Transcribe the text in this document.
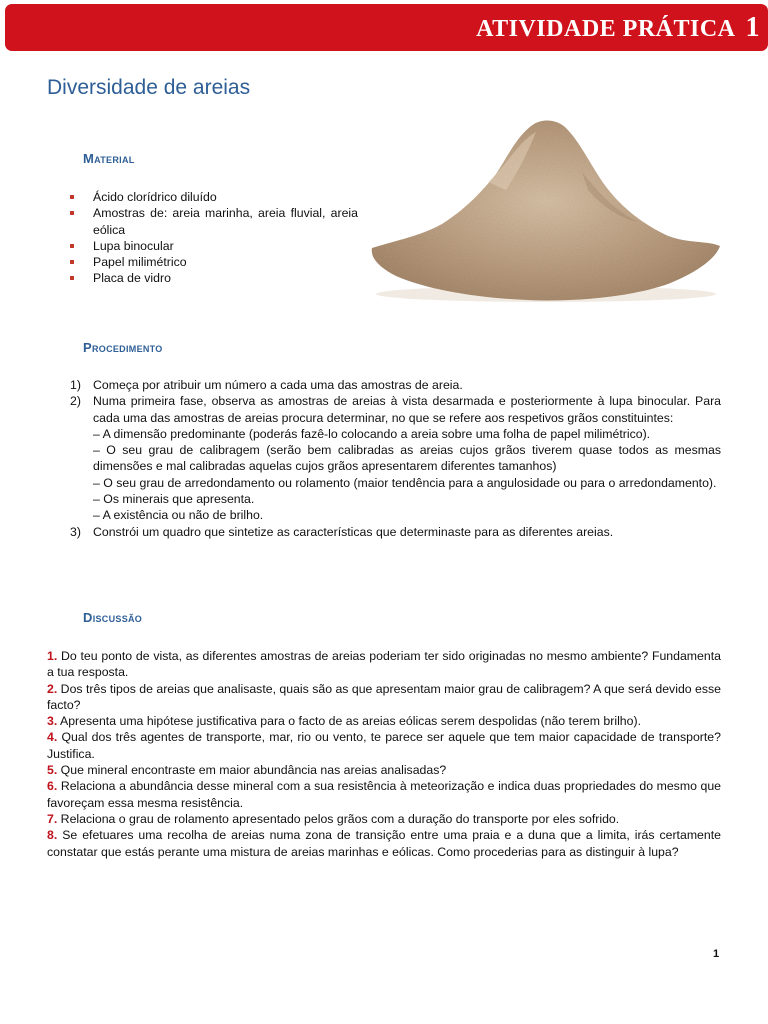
ATIVIDADE PRÁTICA 1
Diversidade de areias
Material
Ácido clorídrico diluído
Amostras de: areia marinha, areia fluvial, areia eólica
Lupa binocular
Papel milimétrico
Placa de vidro
Procedimento
1) Começa por atribuir um número a cada uma das amostras de areia.
2) Numa primeira fase, observa as amostras de areias à vista desarmada e posteriormente à lupa binocular. Para cada uma das amostras de areias procura determinar, no que se refere aos respetivos grãos constituintes:
– A dimensão predominante (poderás fazê-lo colocando a areia sobre uma folha de papel milimétrico).
– O seu grau de calibragem (serão bem calibradas as areias cujos grãos tiverem quase todos as mesmas dimensões e mal calibradas aquelas cujos grãos apresentarem diferentes tamanhos)
– O seu grau de arredondamento ou rolamento (maior tendência para a angulosidade ou para o arredondamento).
– Os minerais que apresenta.
– A existência ou não de brilho.
3) Constrói um quadro que sintetize as características que determinaste para as diferentes areias.
Discussão
1. Do teu ponto de vista, as diferentes amostras de areias poderiam ter sido originadas no mesmo ambiente? Fundamenta a tua resposta.
2. Dos três tipos de areias que analisaste, quais são as que apresentam maior grau de calibragem? A que será devido esse facto?
3. Apresenta uma hipótese justificativa para o facto de as areias eólicas serem despolidas (não terem brilho).
4. Qual dos três agentes de transporte, mar, rio ou vento, te parece ser aquele que tem maior capacidade de transporte? Justifica.
5. Que mineral encontraste em maior abundância nas areias analisadas?
6. Relaciona a abundância desse mineral com a sua resistência à meteorização e indica duas propriedades do mesmo que favoreçam essa mesma resistência.
7. Relaciona o grau de rolamento apresentado pelos grãos com a duração do transporte por eles sofrido.
8. Se efetuares uma recolha de areias numa zona de transição entre uma praia e a duna que a limita, irás certamente constatar que estás perante uma mistura de areias marinhas e eólicas. Como procederias para as distinguir à lupa?
1
